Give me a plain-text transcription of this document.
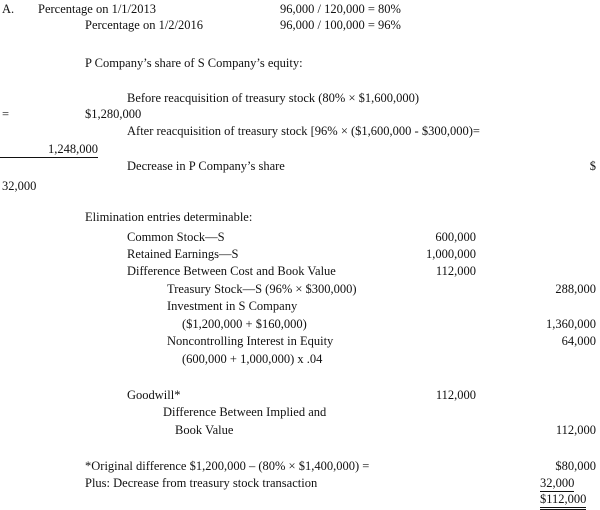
A. Percentage on 1/1/2013	96,000 / 120,000 = 80%
Percentage on 1/2/2016	96,000 / 100,000 = 96%
P Company’s share of S Company’s equity:
Before reacquisition of treasury stock (80% × $1,600,000)
=	$1,280,000
After reacquisition of treasury stock [96% × ($1,600,000 - $300,000)=
1,248,000
Decrease in P Company’s share	$
32,000
Elimination entries determinable:
Common Stock—S	600,000
Retained Earnings—S	1,000,000
Difference Between Cost and Book Value	112,000
Treasury Stock—S (96% × $300,000)	288,000
Investment in S Company
($1,200,000 + $160,000)	1,360,000
Noncontrolling Interest in Equity	64,000
(600,000 + 1,000,000) x .04
Goodwill*	112,000
Difference Between Implied and
Book Value	112,000
*Original difference $1,200,000 – (80% × $1,400,000) =	$80,000
Plus: Decrease from treasury stock transaction	32,000
$112,000
